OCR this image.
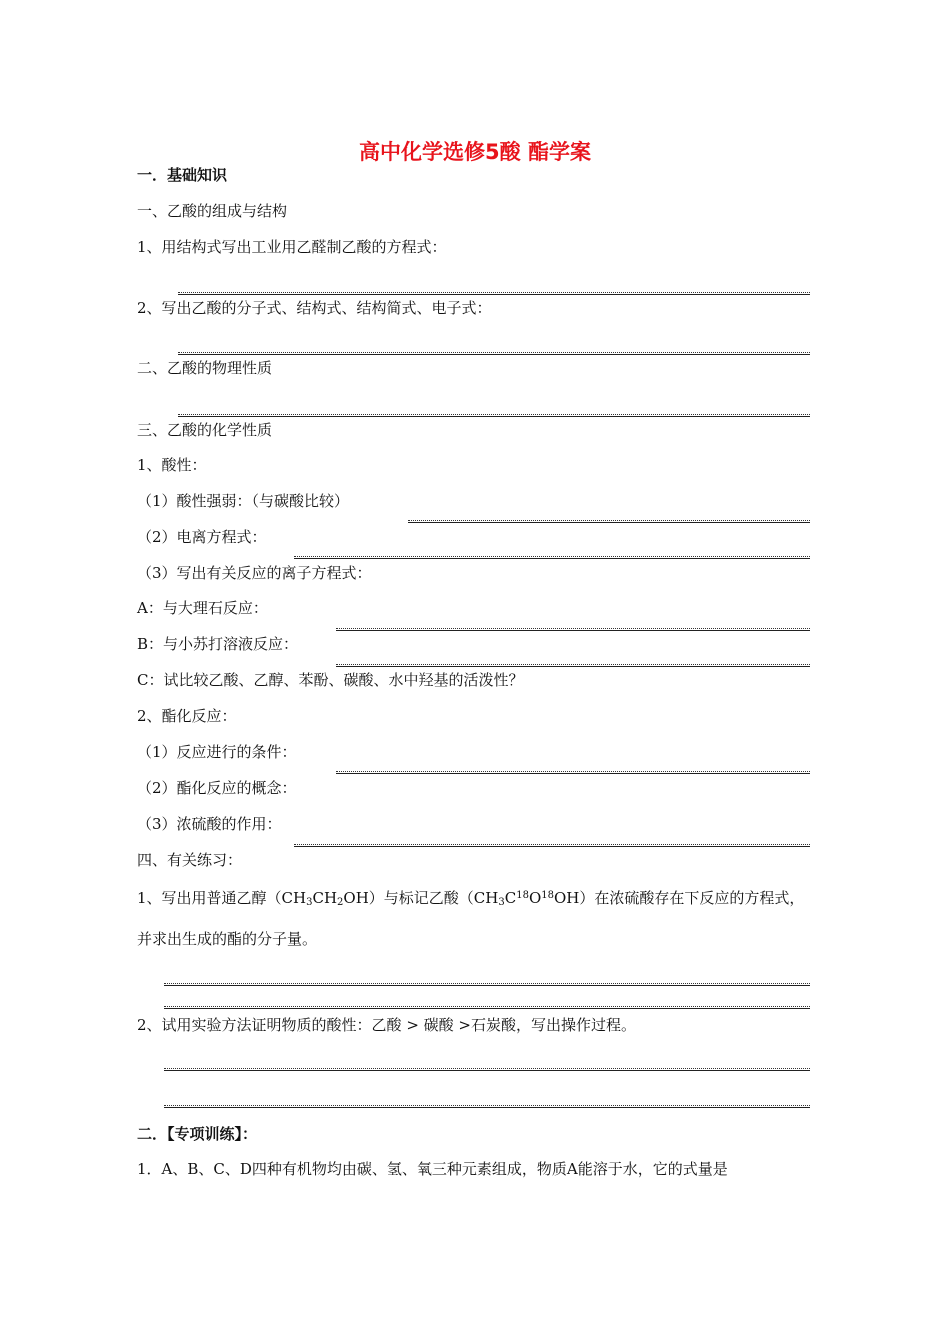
高中化学选修5酸 酯学案
一．基础知识
一、乙酸的组成与结构
1、用结构式写出工业用乙醛制乙酸的方程式：
2、写出乙酸的分子式、结构式、结构简式、电子式：
二、乙酸的物理性质
三、乙酸的化学性质
1、酸性：
（1）酸性强弱：（与碳酸比较）
（2）电离方程式：
（3）写出有关反应的离子方程式：
A：与大理石反应：
B：与小苏打溶液反应：
C：试比较乙酸、乙醇、苯酚、碳酸、水中羟基的活泼性？
2、酯化反应：
（1）反应进行的条件：
（2）酯化反应的概念：
（3）浓硫酸的作用：
四、有关练习：
1、写出用普通乙醇$(CH_3CH_2OH)$与标记乙酸$(CH_3C^{18}O^{18}OH)$在浓硫酸存在下反应的方程式，
并求出生成的酯的分子量。
2、试用实验方法证明物质的酸性：乙酸 > 碳酸 >石炭酸，写出操作过程。
二．【专项训练】：
1．A、B、C、D四种有机物均由碳、氢、氧三种元素组成，物质A能溶于水，它的式量是
